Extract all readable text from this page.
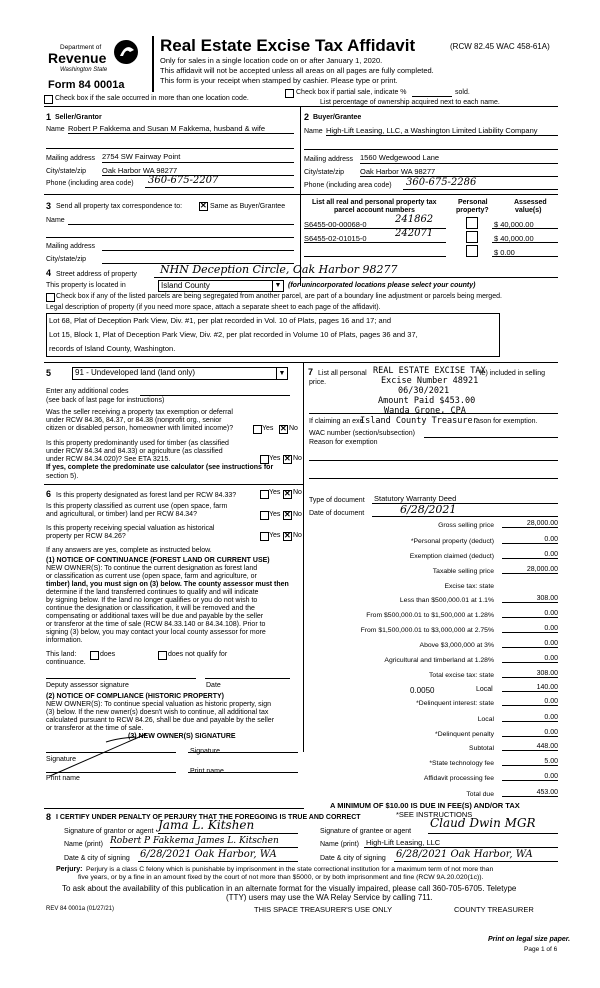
Department of
Revenue
Washington State
Form 84 0001a
Real Estate Excise Tax Affidavit	(RCW 82.45 WAC 458-61A)
Only for sales in a single location code on or after January 1, 2020.
This affidavit will not be accepted unless all areas on all pages are fully completed.
This form is your receipt when stamped by cashier. Please type or print.
Check box if the sale occurred in more than one location code.
Check box if partial sale, indicate %	sold.
List percentage of ownership acquired next to each name.
1 Seller/Grantor
Name Robert P Fakkema and Susan M Fakkema, husband & wife
Mailing address 2754 SW Fairway Point
City/state/zip Oak Harbor WA 98277
Phone (including area code) 360-675-2207
2 Buyer/Grantee
Name High-Lift Leasing, LLC, a Washington Limited Liability Company
Mailing address 1560 Wedgewood Lane
City/state/zip Oak Harbor WA 98277
Phone (including area code) 360-675-2286
3 Send all property tax correspondence to: ✕	Same as Buyer/Grantee
Name
Mailing address
City/state/zip
List all real and personal property tax
parcel account numbers
Personal
property?
Assessed
value(s)
S6455-00-00068-0	241862	$ 40,000.00
S6455-02-01015-0	242071	$ 40,000.00
$ 0.00
4 Street address of property NHN Deception Circle, Oak Harbor 98277
This property is located in	Island County	▼ (for unincorporated locations please select your county)
Check box if any of the listed parcels are being segregated from another parcel, are part of a boundary line adjustment or parcels being merged.
Legal description of property (if you need more space, attach a separate sheet to each page of the affidavit).
Lot 68, Plat of Deception Park View, Div. #1, per plat recorded in Vol. 10 of Plats, pages 16 and 17; and
Lot 15, Block 1, Plat of Deception Park View, Div. #2, per plat recorded in Volume 10 of Plats, pages 36 and 37,
records of Island County, Washington.
5	91 - Undeveloped land (land only)	▼
Enter any additional codes
(see back of last page for instructions)
Was the seller receiving a property tax exemption or deferral
under RCW 84.36, 84.37, or 84.38 (nonprofit org., senior
citizen or disabled person, homeowner with limited income)?	Yes ✕ No
Is this property predominantly used for timber (as classified
under RCW 84.34 and 84.33) or agriculture (as classified
under RCW 84.34.020)? See ETA 3215.	Yes ✕ No
If yes, complete the predominate use calculator (see instructions for
section 5).
6 Is this property designated as forest land per RCW 84.33?	Yes ✕ No
Is this property classified as current use (open space, farm
and agricultural, or timber) land per RCW 84.34?	Yes ✕ No
Is this property receiving special valuation as historical
property per RCW 84.26?	Yes ✕ No
If any answers are yes, complete as instructed below.
(1) NOTICE OF CONTINUANCE (FOREST LAND OR CURRENT USE)
NEW OWNER(S): To continue the current designation as forest land
or classification as current use (open space, farm and agriculture, or
timber) land, you must sign on (3) below. The county assessor must then
determine if the land transferred continues to qualify and will indicate
by signing below. If the land no longer qualifies or you do not wish to
continue the designation or classification, it will be removed and the
compensating or additional taxes will be due and payable by the seller
or transferor at the time of sale (RCW 84.33.140 or 84.34.108). Prior to
signing (3) below, you may contact your local county assessor for more
information.
This land:
continuance.
does	does not qualify for
Deputy assessor signature	Date
(2) NOTICE OF COMPLIANCE (HISTORIC PROPERTY)
NEW OWNER(S): To continue special valuation as historic property, sign
(3) below. If the new owner(s) doesn't wish to continue, all additional tax
calculated pursuant to RCW 84.26, shall be due and payable by the seller
or transferor at the time of sale.
(3) NEW OWNER(S) SIGNATURE
Signature
Signature
Print name
Print name
7 List all personal	le) included in selling
price.
REAL ESTATE EXCISE TAX
Excise Number 48921
06/30/2021
Amount Paid $453.00
Wanda Grone, CPA
Island County Treasurer
If claiming an exe	ason for exemption.
WAC number (section/subsection)
Reason for exemption
Type of document Statutory Warranty Deed
Date of document	6/28/2021
Gross selling price	28,000.00
*Personal property (deduct)	0.00
Exemption claimed (deduct)	0.00
Taxable selling price	28,000.00
Excise tax: state
Less than $500,000.01 at 1.1%	308.00
From $500,000.01 to $1,500,000 at 1.28%	0.00
From $1,500,000.01 to $3,000,000 at 2.75%	0.00
Above $3,000,000 at 3%	0.00
Agricultural and timberland at 1.28%	0.00
Total excise tax: state	308.00
0.0050	Local	140.00
*Delinquent interest: state	0.00
Local	0.00
*Delinquent penalty	0.00
Subtotal	448.00
*State technology fee	5.00
Affidavit processing fee	0.00
Total due	453.00
A MINIMUM OF $10.00 IS DUE IN FEE(S) AND/OR TAX
*SEE INSTRUCTIONS
8 I CERTIFY UNDER PENALTY OF PERJURY THAT THE FOREGOING IS TRUE AND CORRECT
Signature of grantor or agent Jama L. Kitshen
Name (print) Robert P Fakkema James L. Kitschen
Date & city of signing 6/28/2021 Oak Harbor, WA
Signature of grantee or agent
Claud Dwin MGR
Name (print) High-Lift Leasing, LLC
Date & city of signing 6/28/2021 Oak Harbor, WA
Perjury: Perjury is a class C felony which is punishable by imprisonment in the state correctional institution for a maximum term of not more than
five years, or by a fine in an amount fixed by the court of not more than $5000, or by both imprisonment and fine (RCW 9A.20.020(1c)).
To ask about the availability of this publication in an alternate format for the visually impaired, please call 360-705-6705. Teletype
(TTY) users may use the WA Relay Service by calling 711.
REV 84 0001a (01/27/21)	THIS SPACE TREASURER'S USE ONLY	COUNTY TREASURER
Print on legal size paper.
Page 1 of 6
